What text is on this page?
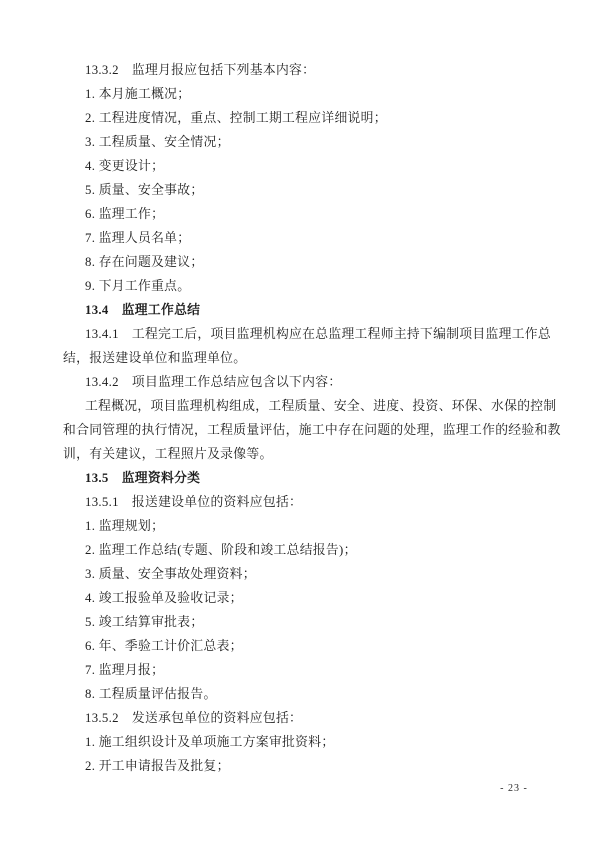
13.3.2　监理月报应包括下列基本内容：
1. 本月施工概况；
2. 工程进度情况，重点、控制工期工程应详细说明；
3. 工程质量、安全情况；
4. 变更设计；
5. 质量、安全事故；
6. 监理工作；
7. 监理人员名单；
8. 存在问题及建议；
9. 下月工作重点。
13.4　监理工作总结
13.4.1　工程完工后，项目监理机构应在总监理工程师主持下编制项目监理工作总
结，报送建设单位和监理单位。
13.4.2　项目监理工作总结应包含以下内容：
工程概况，项目监理机构组成，工程质量、安全、进度、投资、环保、水保的控制
和合同管理的执行情况，工程质量评估，施工中存在问题的处理，监理工作的经验和教
训，有关建议，工程照片及录像等。
13.5　监理资料分类
13.5.1　报送建设单位的资料应包括：
1. 监理规划；
2. 监理工作总结(专题、阶段和竣工总结报告)；
3. 质量、安全事故处理资料；
4. 竣工报验单及验收记录；
5. 竣工结算审批表；
6. 年、季验工计价汇总表；
7. 监理月报；
8. 工程质量评估报告。
13.5.2　发送承包单位的资料应包括：
1. 施工组织设计及单项施工方案审批资料；
2. 开工申请报告及批复；
- 23 -
